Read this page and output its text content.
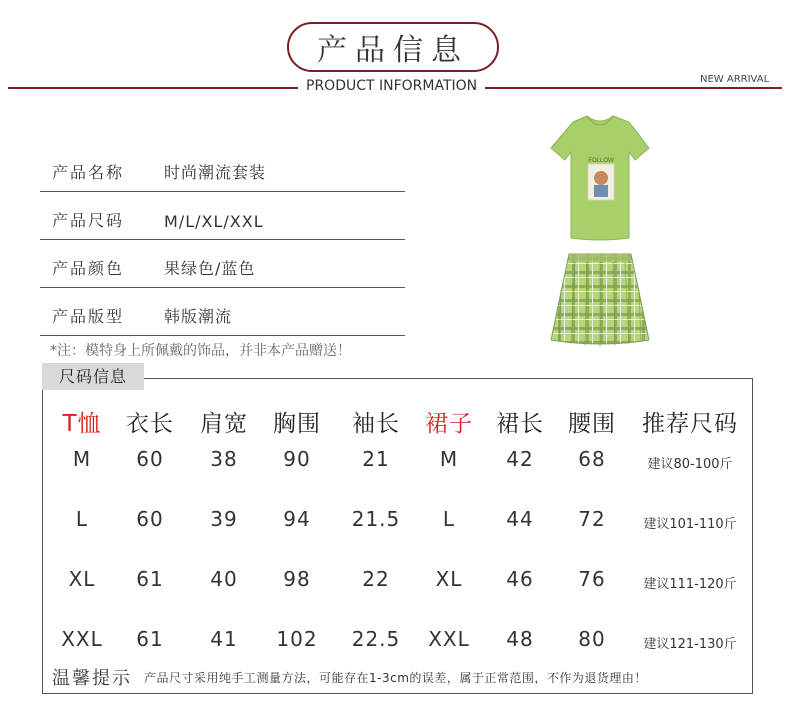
产品信息
PRODUCT INFORMATION	NEW ARRIVAL
产品名称 时尚潮流套装
产品尺码 M/L/XL/XXL
产品颜色 果绿色/蓝色
产品版型 韩版潮流
*注：模特身上所佩戴的饰品，并非本产品赠送！
FOLLOW
尺码信息
T恤 衣长 肩宽 胸围 袖长 裙子 裙长 腰围 推荐尺码
M 60 38 90	21	M 42 68	建议80-100斤
L 60 39 94 21.5 L	44 72	建议101-110斤
XL 61 40 98	22 XL 46 76	建议111-120斤
XXL 61 41 102 22.5 XXL 48 80	建议121-130斤
温馨提示 产品尺寸采用纯手工测量方法，可能存在1-3cm的误差，属于正常范围，不作为退货理由！
